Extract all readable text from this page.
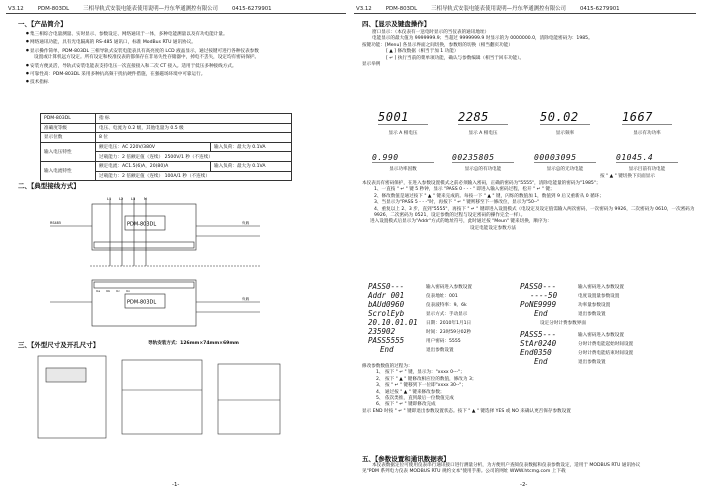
V3.12	PDM-803DL	三相导轨式安装电能表使用说明—丹东华通测控有限公司	0415-6279901	V3.12	PDM-803DL	三相导轨式安装电能表使用说明—丹东华通测控有限公司	0415-6279901
一、【产品简介】
● 集三相综合电量测量、实时显示、参数设定、网络通讯于一体，多种电能测量以及有功电能计量。
● 网络通讯功能，具有光电隔离的 RS-485 通讯口，标准 ModBus RTU 通讯协议。
● 显示操作简单，PDM-803DL 三相导轨式安装电能表具有高亮度的 LCD 液晶显示，通过按键可进行各种仪表参数
设置或计算机远方设定。所有设定和校准仪表的都保存在非易失性存储器中，掉电不丢失，设定均有密码保护。
● 安装方便灵活，导轨式安装电能表支持电压一次直接接入和二次 CT 接入。适用于低压多种接线方式。
● 可靠性高：PDM-803DL 采用多种抗高频干扰抗硬件措施，在强磁场环境中可靠运行。
● 技术指标
PDM-803DL	指 标	
准确度等级	电压、电流为 0.2 级，其他电量为 0.5 级	
显示位数	8 位	
输入电压特性	额定电压：AC 220V/380V	输入负荷：最大为 0.1VA
	过载能力：2 倍额定值（连续） 2500V/1 秒（不连续）	
输入电流特性	额定电流：AC1.5(6)A，20(80)A	输入负荷：最大为 0.1VA
	过载能力：2 倍额定值（连续） 100A/1 秒（不连续）	
二、【典型接线方式】
PDM-803DL
PDM-803DL
L1 L2 L3 N
负载
负载
Ua Ub Uc Un
RS485
三、【外型尺寸及开孔尺寸】	导轨安装方式：126mm×74mm×69mm
-1-
四、【显示及键盘操作】
窗口显示：（本仪表有一送电时显示的当仪表的通讯地址）
电能显示的最大值为 9999999.9；当超过 9999999.9 时显示的为 0000000.0，清除电能密码为：1985。
按键功能：[Menu] 各显示界面之间切换，参数组的切换（相当翻页功能）
[ ▲ ] 修改数据（相当于加 1 功能）
[ ↵ ] 执行当前的菜单项功能，确认与参数编辑（相当于回车功能）。
显示举例
5001	2285	50.02	1667
显示 A 相电压	显示 A 相电压	显示频率	显示有功功率
0.990	00235805	00003095	01045.4
显示功率因数	显示总的有功电能	显示总的无功电能	显示目前有功电能
按 " ▲ " 键切换下页面显示
本仪表具有密码保护，在进入参数设置模式之前必须输入密码，正确的密码为"5555"，清除电能量的密码为"1985"；
1、一直按 " ↵ " 键 5 秒钟，显示 "PASS 0 - - - " 即进入输入密码过程，松开 " ↵ " 键；
2、修改数值是通过按下 " ▲ " 键来完成的。每按一下 " ▲ " 键，闪烁的数值加 1，数值到 9 后又重新从 0 循环；
3、当显示为"PASS 5 - - -"时，再按下 " ↵ " 键则移至下一修改位，显示为"50--"
4、重复以上 2、3 步，直到"5555"，再按下 " ↵ " 键即进入设置模式（电设定及设定值需输入两次密码，一次密码为 9926，二次密码为 0610，一次密码为 9926，二次密码为 0521，设定参数的过程与设定密码的操作完全一样）。
进入设置模式后显示为"Addr"方式的地址符号，此时通过按 "Meun" 键来切换，顺序为：
设定电能设定参数方法
PASS0---	输入密码进入参数设置
Addr 001	仪表地址：001
bAUd0960	仪表波特率：9。6k
ScrolEyb	显示方式：手动显示
20.10.01.01 日期：2010年1月1日
235902	时间：23时59分02秒
PASS5555	用户密码：5555
End	退出参数设置
PASS0---	输入密码进入参数设置
----50	电度设置量参数设置
PoNE9999	功率量参数设置
End	退出参数设置
设定分时计费参数界面
PASS5---	输入密码进入参数设置
StAr0240	分时计费电能起始时间设置
End0350	分时计费电能结束时间设置
End	退出参数设置
修改参数数值的过程为：
1、 按下 " ↵ " 键，显示为："xxxx 0---"；
2、 按下 " ▲ " 键修改相应位的数值，修改为 3；
3、 按 " ↵ " 键移到下一位即"xxxx 30--"；
4、 通过按 " ▲ " 键来修改参数；
5、 依次类推，直到最后一位数值完成
6、 按下 " ↵ " 键即修改完成
显示 END 时按 " ↵ " 键即退出参数设置状态。按下 " ▲ " 键选择 YES 或 NO 来确认更否保存参数设置
五、【参数设置和通讯数据表】
本仪表数据定位可使用仪表串行通讯接口进行测量分析，为方便用户查阅仪表数据和仪表参数设定，适用于 MODBUS RTU 通讯协议
见"PDM 系列电力仪表 MODBUS RTU 规约文本"使用手册。公司的网址 WWW.htcmg.com 上下载
-2-
